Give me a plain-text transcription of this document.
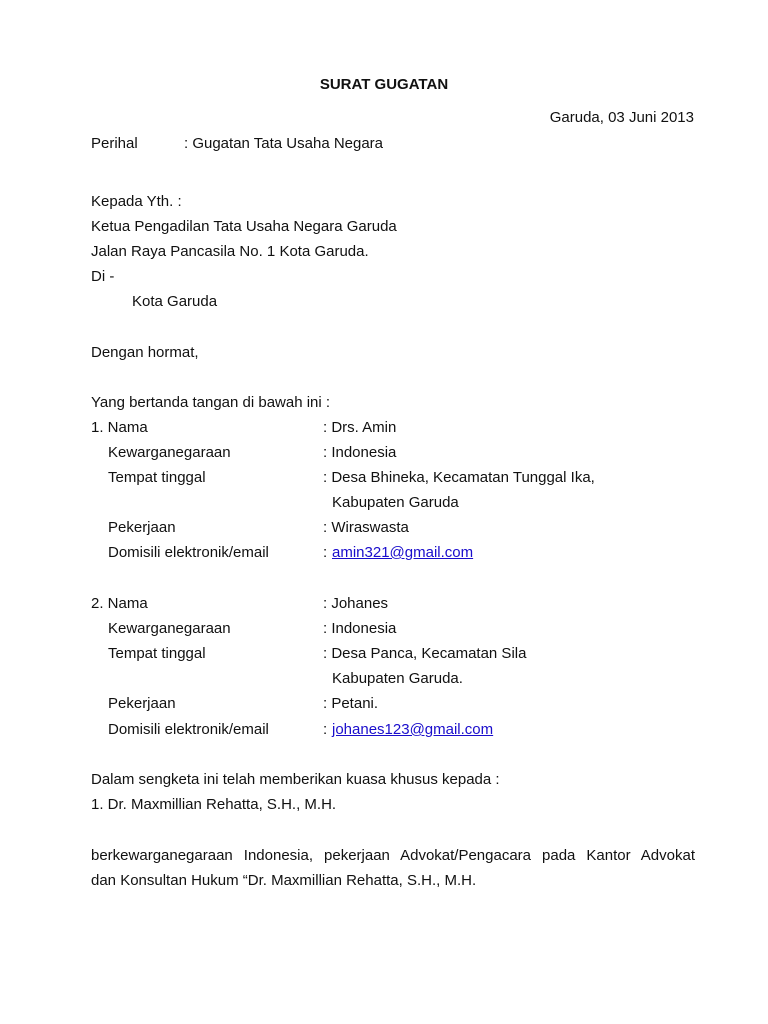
SURAT GUGATAN
Garuda, 03 Juni 2013
Perihal	: Gugatan Tata Usaha Negara
Kepada Yth. :
Ketua Pengadilan Tata Usaha Negara Garuda
Jalan Raya Pancasila No. 1 Kota Garuda.
Di -
Kota Garuda
Dengan hormat,
Yang bertanda tangan di bawah ini :
1. Nama	: Drs. Amin
Kewarganegaraan	: Indonesia
Tempat tinggal	: Desa Bhineka, Kecamatan Tunggal Ika,
Kabupaten Garuda
Pekerjaan	: Wiraswasta
Domisili elektronik/email	: amin321@gmail.com
2. Nama	: Johanes
Kewarganegaraan	: Indonesia
Tempat tinggal	: Desa Panca, Kecamatan Sila
Kabupaten Garuda.
Pekerjaan	: Petani.
Domisili elektronik/email	: johanes123@gmail.com
Dalam sengketa ini telah memberikan kuasa khusus kepada :
1. Dr. Maxmillian Rehatta, S.H., M.H.
berkewarganegaraan Indonesia, pekerjaan Advokat/Pengacara pada Kantor Advokat
dan Konsultan Hukum “Dr. Maxmillian Rehatta, S.H., M.H.
